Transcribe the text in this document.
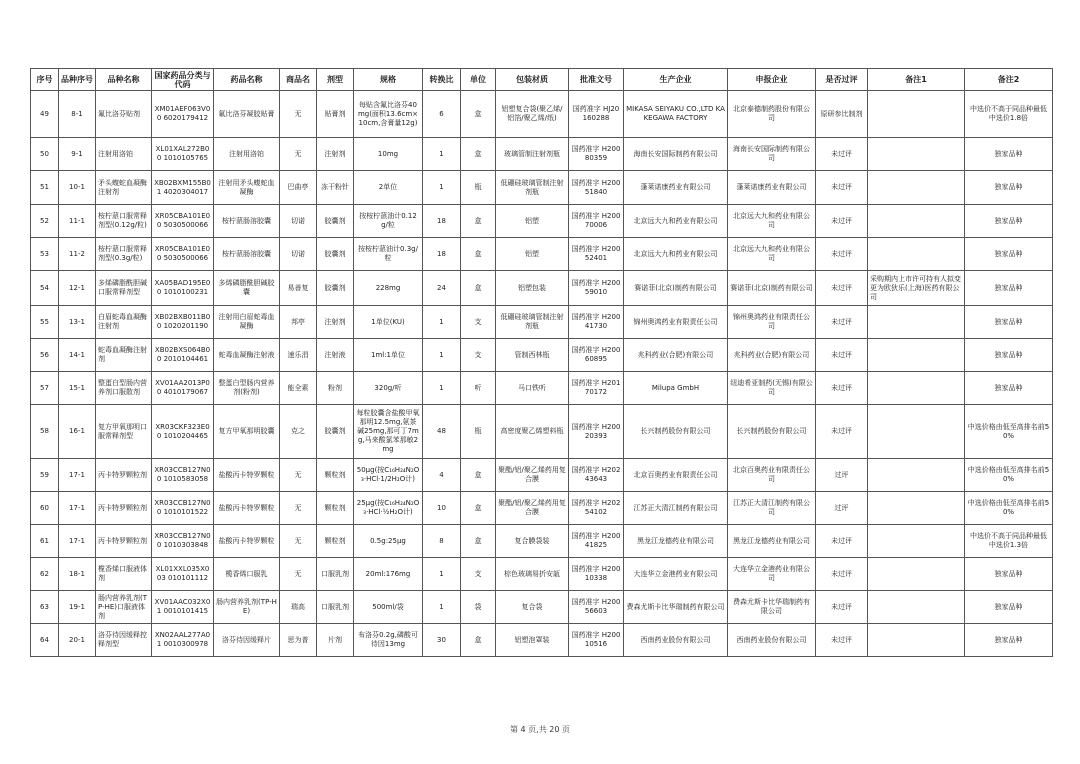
序号	品种序号	品种名称	国家药品分类与代码	药品名称	商品名	剂型	规格	转换比	单位	包装材质	批准文号	生产企业	申报企业	是否过评	备注1	备注2
49	8-1	氟比洛芬贴剂	XM01AEF063V00 6020179412	氟比洛芬凝胶贴膏	无	贴膏剂	每贴含氟比洛芬40mg(面积13.6cm×10cm,含膏量12g)	6	盒	铝塑复合袋(聚乙烯/铝箔/聚乙烯/纸)	国药准字 HJ20160288	MIKASA SEIYAKU CO.,LTD KAKEGAWA FACTORY	北京泰德制药股份有限公司	原研参比制剂		中选价不高于同品种最低中选价1.8倍
50	9-1	注射用洛铂	XL01XAL272B00 1010105765	注射用洛铂	无	注射剂	10mg	1	盒	玻璃管制注射剂瓶	国药准字 H20080359	海南长安国际制药有限公司	海南长安国际制药有限公司	未过评		独家品种
51	10-1	矛头蝮蛇血凝酶注射剂	XB02BXM155B01 4020304017	注射用矛头蝮蛇血凝酶	巴曲亭	冻干粉针	2单位	1	瓶	低硼硅玻璃管制注射剂瓶	国药准字 H20051840	蓬莱诺康药业有限公司	蓬莱诺康药业有限公司	未过评		独家品种
52	11-1	桉柠蒎口服常释剂型(0.12g/粒)	XR05CBA101E00 5030500066	桉柠蒎肠溶胶囊	切诺	胶囊剂	按桉柠蒎油计0.12g/粒	18	盒	铝塑	国药准字 H20070006	北京远大九和药业有限公司	北京远大九和药业有限公司	未过评		独家品种
53	11-2	桉柠蒎口服常释剂型(0.3g/粒)	XR05CBA101E00 5030500066	桉柠蒎肠溶胶囊	切诺	胶囊剂	按桉柠蒎油计0.3g/粒	18	盒	铝塑	国药准字 H20052401	北京远大九和药业有限公司	北京远大九和药业有限公司	未过评		独家品种
54	12-1	多烯磷脂酰胆碱口服常释剂型	XA05BAD195E00 1010100231	多烯磷脂酰胆碱胶囊	易善复	胶囊剂	228mg	24	盒	铝塑包装	国药准字 H20059010	赛诺菲(北京)制药有限公司	赛诺菲(北京)制药有限公司	未过评	采购期内上市许可持有人拟变更为欧狄乐(上海)医药有限公司	独家品种
55	13-1	白眉蛇毒血凝酶注射剂	XB02BXB011B00 1020201190	注射用白眉蛇毒血凝酶	邦亭	注射剂	1单位(KU)	1	支	低硼硅玻璃管制注射剂瓶	国药准字 H20041730	锦州奥鸿药业有限责任公司	锦州奥鸿药业有限责任公司	未过评		独家品种
56	14-1	蛇毒血凝酶注射剂	XB02BXS064B00 2010104461	蛇毒血凝酶注射液	速乐涓	注射液	1ml:1单位	1	支	管制西林瓶	国药准字 H20060895	兆科药业(合肥)有限公司	兆科药业(合肥)有限公司	未过评		独家品种
57	15-1	整蛋白型肠内营养剂口服散剂	XV01AA2013P00 4010179067	整蛋白型肠内营养剂(粉剂)	能全素	粉剂	320g/听	1	听	马口铁听	国药准字 H20170172	Milupa GmbH	纽迪希亚制药(无锡)有限公司	未过评		独家品种
58	16-1	复方甲氧那明口服常释剂型	XR03CKF323E00 1010204465	复方甲氧那明胶囊	克之	胶囊剂	每粒胶囊含盐酸甲氧那明12.5mg,氨茶碱25mg,那可丁7mg,马来酸氯苯那敏2mg	48	瓶	高密度聚乙烯塑料瓶	国药准字 H20020393	长兴制药股份有限公司	长兴制药股份有限公司	未过评		中选价格由低至高排名前50%
59	17-1	丙卡特罗颗粒剂	XR03CCB127N00 1010583058	盐酸丙卡特罗颗粒	无	颗粒剂	50μg(按C₁₆H₂₄N₂O₃·HCl·1/2H₂O计)	4	盒	聚酯/铝/聚乙烯药用复合膜	国药准字 H20243643	北京百奥药业有限责任公司	北京百奥药业有限责任公司	过评		中选价格由低至高排名前50%
60	17-1	丙卡特罗颗粒剂	XR03CCB127N00 1010101522	盐酸丙卡特罗颗粒	无	颗粒剂	25μg(按C₁₆H₂₄N₂O₃·HCl·½H₂O计)	10	盒	聚酯/铝/聚乙烯药用复合膜	国药准字 H20254102	江苏正大清江制药有限公司	江苏正大清江制药有限公司	过评		中选价格由低至高排名前50%
61	17-1	丙卡特罗颗粒剂	XR03CCB127N00 1010303848	盐酸丙卡特罗颗粒	无	颗粒剂	0.5g:25μg	8	盒	复合膜袋装	国药准字 H20041825	黑龙江龙德药业有限公司	黑龙江龙德药业有限公司	未过评		中选价不高于同品种最低中选价1.3倍
62	18-1	榄香烯口服液体剂	XL01XXL035X003 010101112	榄香烯口服乳	无	口服乳剂	20ml:176mg	1	支	棕色玻璃易折安瓿	国药准字 H20010338	大连华立金港药业有限公司	大连华立金港药业有限公司	未过评		独家品种
63	19-1	肠内营养乳剂(TP-HE)口服液体剂	XV01AAC032X01 0010101415	肠内营养乳剂(TP-HE)	瑞高	口服乳剂	500ml/袋	1	袋	复合袋	国药准字 H20056603	费森尤斯卡比华瑞制药有限公司	费森尤斯卡比华瑞制药有限公司	未过评		独家品种
64	20-1	洛芬待因缓释控释剂型	XN02AAL277A01 0010300978	洛芬待因缓释片	思为普	片剂	布洛芬0.2g,磷酸可待因13mg	30	盒	铝塑泡罩装	国药准字 H20010516	西南药业股份有限公司	西南药业股份有限公司	未过评		独家品种
第 4 页,共 20 页
